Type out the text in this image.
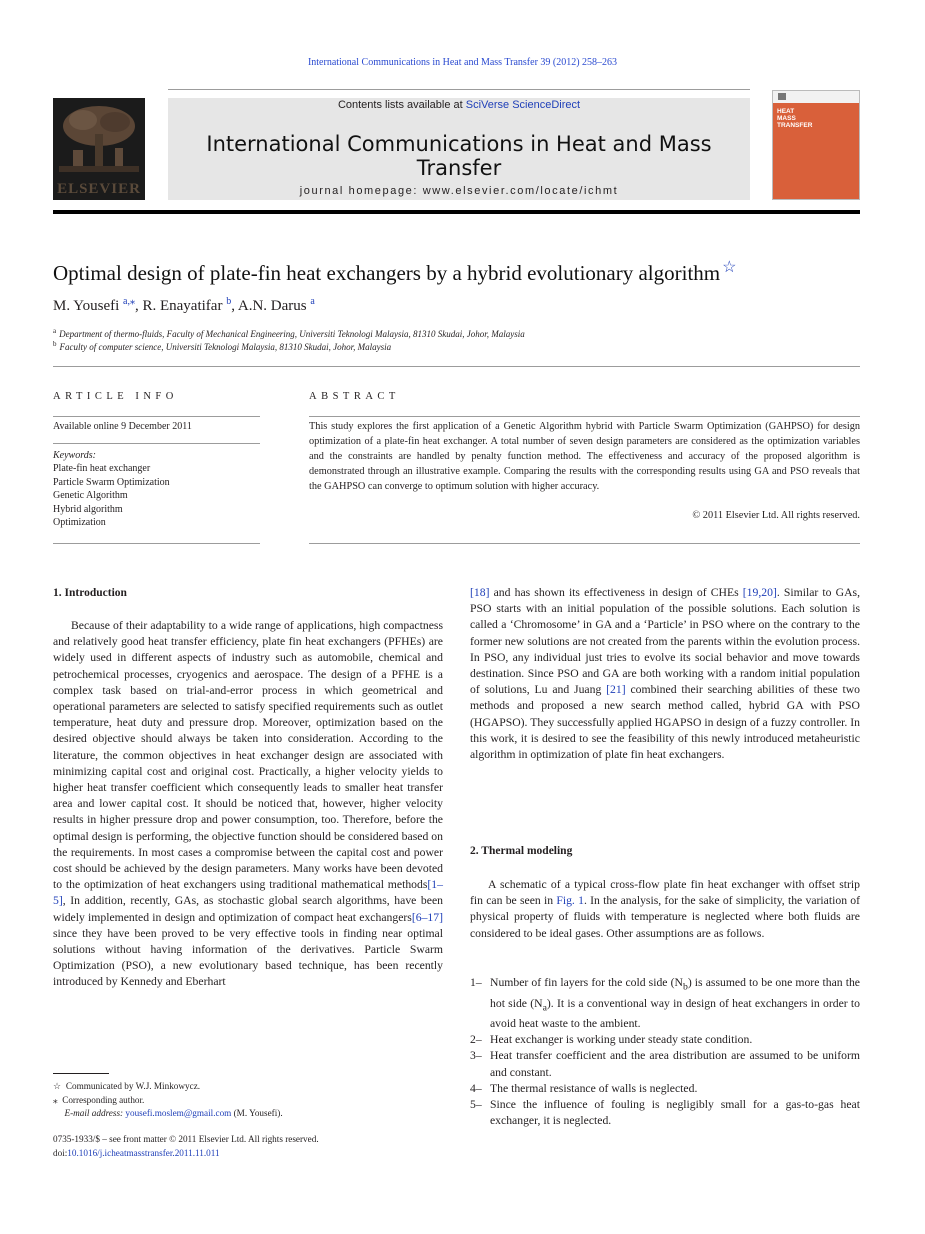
International Communications in Heat and Mass Transfer 39 (2012) 258–263
ELSEVIER
Contents lists available at SciVerse ScienceDirect
International Communications in Heat and Mass Transfer
journal homepage: www.elsevier.com/locate/ichmt
HEAT
MASS
TRANSFER
Optimal design of plate-fin heat exchangers by a hybrid evolutionary algorithm ☆
M. Yousefi $^{a,⁎}$, R. Enayatifar $^b$, A.N. Darus $^a$
$^a$ Department of thermo-fluids, Faculty of Mechanical Engineering, Universiti Teknologi Malaysia, 81310 Skudai, Johor, Malaysia
$^b$ Faculty of computer science, Universiti Teknologi Malaysia, 81310 Skudai, Johor, Malaysia
ARTICLE INFO
Available online 9 December 2011
Keywords:
Plate-fin heat exchanger
Particle Swarm Optimization
Genetic Algorithm
Hybrid algorithm
Optimization
ABSTRACT
This study explores the first application of a Genetic Algorithm hybrid with Particle Swarm Optimization (GAHPSO) for design optimization of a plate-fin heat exchanger. A total number of seven design parameters are considered as the optimization variables and the constraints are handled by penalty function method. The effectiveness and accuracy of the proposed algorithm is demonstrated through an illustrative example. Comparing the results with the corresponding results using GA and PSO reveals that the GAHPSO can converge to optimum solution with higher accuracy.
© 2011 Elsevier Ltd. All rights reserved.
1. Introduction
Because of their adaptability to a wide range of applications, high compactness and relatively good heat transfer efficiency, plate fin heat exchangers (PFHEs) are widely used in different aspects of industry such as automobile, chemical and petrochemical processes, cryogenics and aerospace. The design of a PFHE is a complex task based on trial-and-error process in which geometrical and operational parameters are selected to satisfy specified requirements such as outlet temperature, heat duty and pressure drop. Moreover, optimization based on the desired objective should always be taken into consideration. According to the literature, the common objectives in heat exchanger design are associated with minimizing capital cost and original cost. Practically, a higher velocity yields to higher heat transfer coefficient which consequently leads to smaller heat transfer area and lower capital cost. It should be noticed that, however, higher velocity results in higher pressure drop and power consumption, too. Therefore, before the optimal design is performing, the objective function should be considered based on the requirements. In most cases a compromise between the capital cost and power cost should be achieved by the design parameters. Many works have been devoted to the optimization of heat exchangers using traditional mathematical methods[1–5], In addition, recently, GAs, as stochastic global search algorithms, have been widely implemented in design and optimization of compact heat exchangers[6–17] since they have been proved to be very effective tools in finding near optimal solutions without having information of the derivatives. Particle Swarm Optimization (PSO), a new evolutionary based technique, has been recently introduced by Kennedy and Eberhart
[18] and has shown its effectiveness in design of CHEs [19,20]. Similar to GAs, PSO starts with an initial population of the possible solutions. Each solution is called a ‘Chromosome’ in GA and a ‘Particle’ in PSO where on the contrary to the former new solutions are not created from the parents within the evolution process. In PSO, any individual just tries to evolve its social behavior and move towards destination. Since PSO and GA are both working with a random initial population of solutions, Lu and Juang [21] combined their searching abilities of these two methods and proposed a new search method called, hybrid GA with PSO (HGAPSO). They successfully applied HGAPSO in design of a fuzzy controller. In this work, it is desired to see the feasibility of this newly introduced metaheuristic algorithm in optimization of plate fin heat exchangers.
2. Thermal modeling
A schematic of a typical cross-flow plate fin heat exchanger with offset strip fin can be seen in Fig. 1. In the analysis, for the sake of simplicity, the variation of physical property of fluids with temperature is neglected where both fluids are considered to be ideal gases. Other assumptions are as follows.
1– Number of fin layers for the cold side $(N_b)$ is assumed to be one more than the hot side $(N_a)$. It is a conventional way in design of heat exchangers in order to avoid heat waste to the ambient.
2– Heat exchanger is working under steady state condition.
3– Heat transfer coefficient and the area distribution are assumed to be uniform and constant.
4– The thermal resistance of walls is neglected.
5– Since the influence of fouling is negligibly small for a gas-to-gas heat exchanger, it is neglected.
☆ Communicated by W.J. Minkowycz.
⁎ Corresponding author.
E-mail address: yousefi.moslem@gmail.com (M. Yousefi).
0735-1933/$ – see front matter © 2011 Elsevier Ltd. All rights reserved.
doi:10.1016/j.icheatmasstransfer.2011.11.011
